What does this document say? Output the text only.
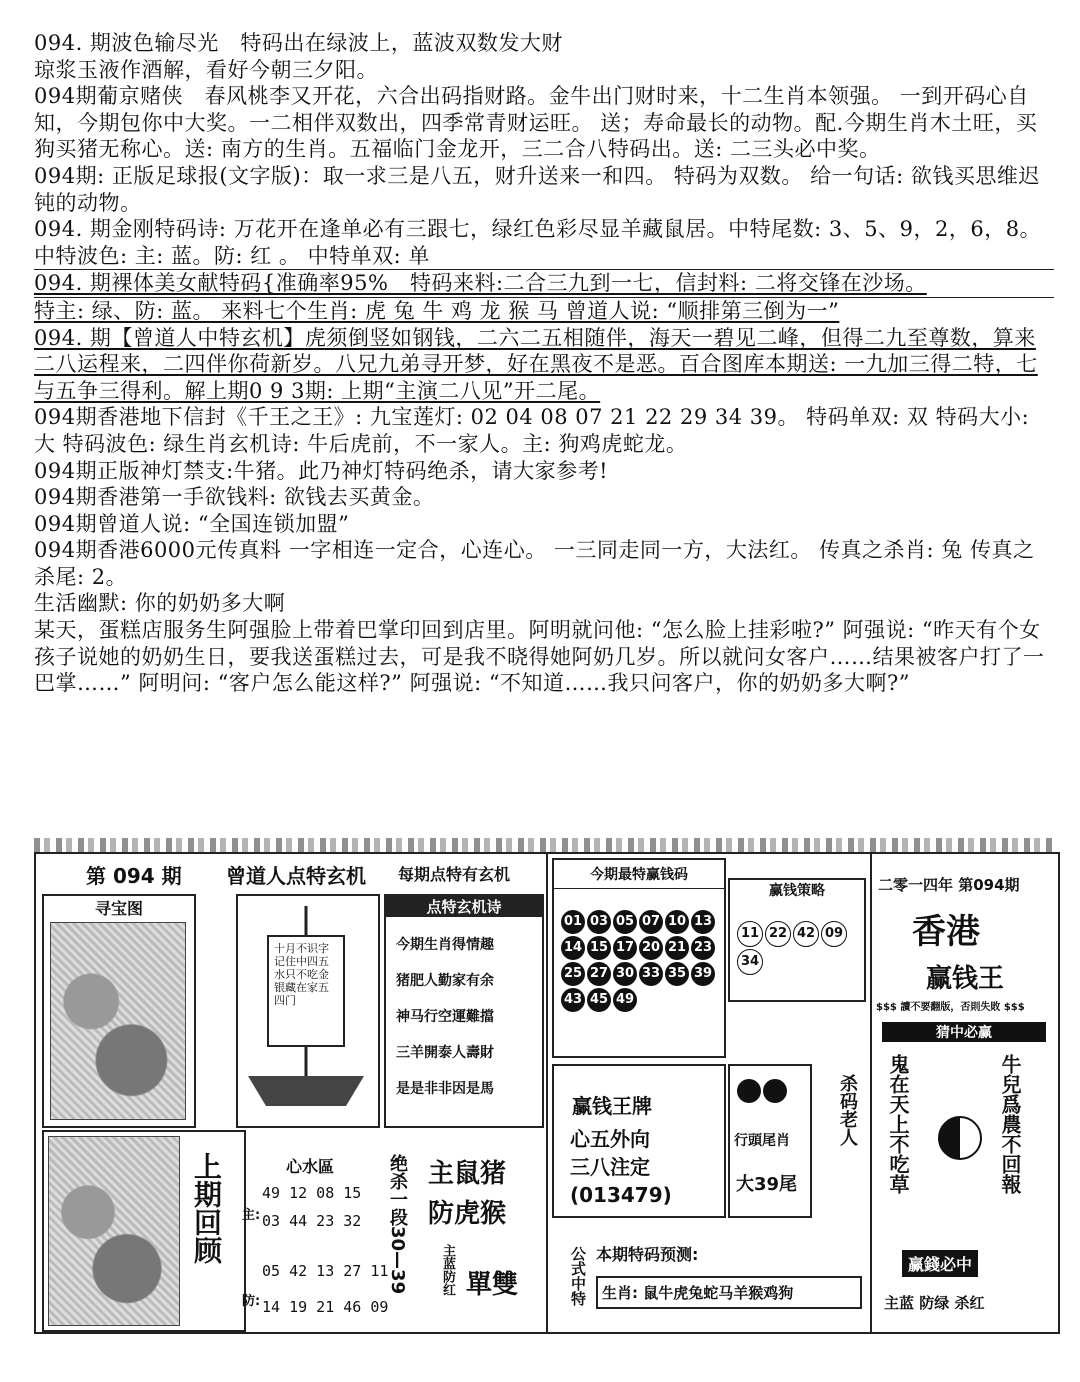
094. 期波色输尽光　特码出在绿波上，蓝波双数发大财

琼浆玉液作酒解，看好今朝三夕阳。

094期葡京赌侠　春风桃李又开花，六合出码指财路。金牛出门财时来，十二生肖本领强。 一到开码心自知，今期包你中大奖。一二相伴双数出，四季常青财运旺。 送；寿命最长的动物。配.今期生肖木土旺，买狗买猪无称心。送: 南方的生肖。五福临门金龙开，三二合八特码出。送: 二三头必中奖。

094期: 正版足球报(文字版)：取一求三是八五，财升送来一和四。 特码为双数。 给一句话: 欲钱买思维迟钝的动物。

094. 期金刚特码诗: 万花开在逢单必有三跟七，绿红色彩尽显羊藏鼠居。中特尾数: 3、5、9，2，6，8。 中特波色: 主: 蓝。防: 红 。 中特单双: 单

094. 期裸体美女献特码{准确率95%　特码来料:二合三九到一七，信封料: 二将交锋在沙场。

特主: 绿、防: 蓝。 来料七个生肖: 虎 兔 牛 鸡 龙 猴 马 曾道人说: “顺排第三倒为一”

094. 期【曾道人中特玄机】虎须倒竖如钢钱，二六二五相随伴，海天一碧见二峰，但得二九至尊数，算来二八运程来，二四伴你荷新岁。八兄九弟寻开梦，好在黑夜不是恶。百合图库本期送: 一九加三得二特，七与五争三得利。解上期0 9 3期: 上期“主演二八见”开二尾。

094期香港地下信封《千王之王》: 九宝莲灯: 02 04 08 07 21 22 29 34 39。 特码单双: 双 特码大小: 大 特码波色: 绿生肖玄机诗: 牛后虎前，不一家人。主: 狗鸡虎蛇龙。

094期正版神灯禁支:牛猪。此乃神灯特码绝杀，请大家参考!

094期香港第一手欲钱料: 欲钱去买黄金。

094期曾道人说: “全国连锁加盟”

094期香港6000元传真料 一字相连一定合，心连心。 一三同走同一方，大法红。 传真之杀肖: 兔 传真之杀尾: 2。

生活幽默: 你的奶奶多大啊

某天，蛋糕店服务生阿强脸上带着巴掌印回到店里。阿明就问他: “怎么脸上挂彩啦?” 阿强说: “昨天有个女孩子说她的奶奶生日，要我送蛋糕过去，可是我不晓得她阿奶几岁。所以就问女客户……结果被客户打了一巴掌……” 阿明问: “客户怎么能这样?” 阿强说: “不知道……我只问客户，你的奶奶多大啊?”

第 094 期 曾道人点特玄机 每期点特有玄机
寻宝图
上期回顾
十月不识字记住中四五 水只不吃金银藏在家五四门
点特玄机诗
今期生肖得情趣
猪肥人勤家有余
神马行空運難擋
三羊開泰人壽財
是是非非因是馬
心水區
主:
49 12 08 15
03 44 23 32
防:
05 42 13 27 11
14 19 21 46 09
绝杀一段30—39 主鼠猪 防虎猴
主蓝防红 單雙
今期最特赢钱码
01 03 05 07 10 1314 15 17 20 21 2325 27 30 33 35 3943 45 49
赢钱策略
11 22 42 0934
赢钱王牌
心五外向
三八注定
(013479)
行頭尾肖
大39尾
杀码老人
公式中特 本期特码预测:
生肖: 鼠牛虎兔蛇马羊猴鸡狗
二零一四年 第094期
香港
赢钱王
$$$ 讀不要翻版，否則失敗 $$$
猜中必赢
鬼在天上不吃草	牛兒爲農不回報
赢錢必中
主蓝 防绿 杀红
